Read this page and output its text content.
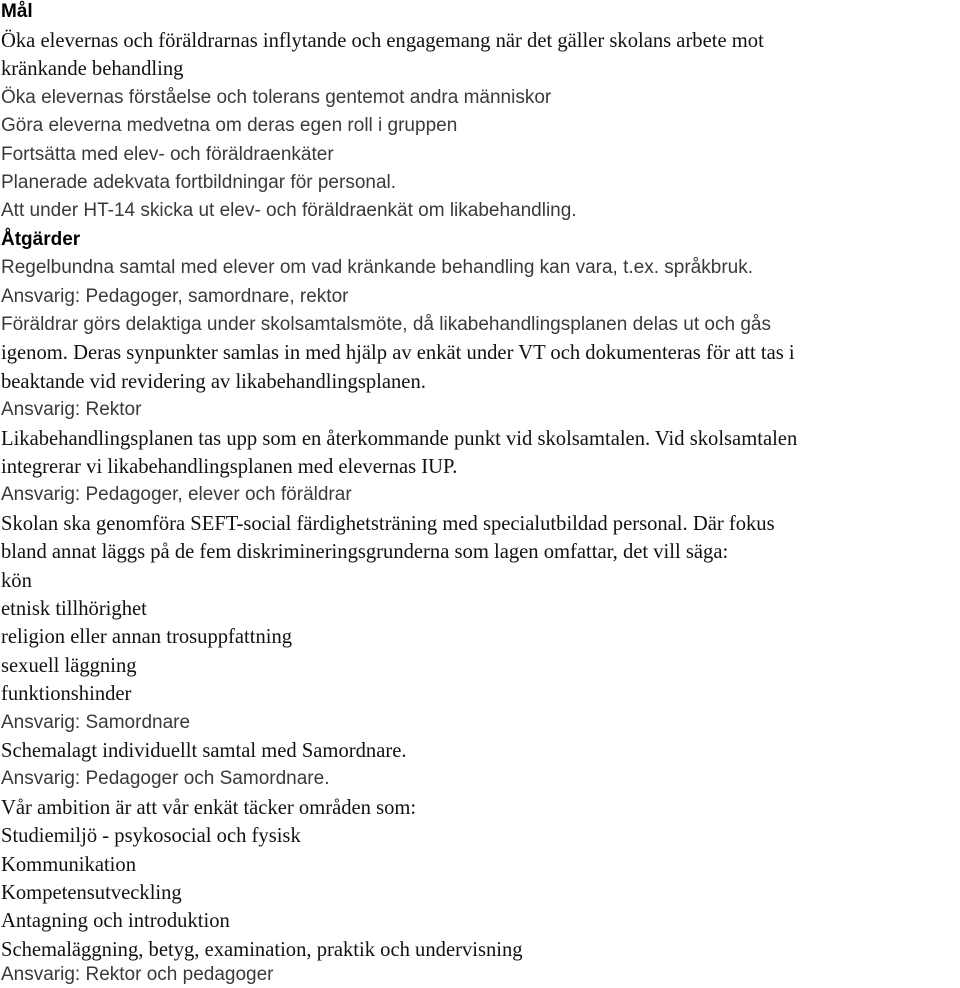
Mål
Öka elevernas och föräldrarnas inflytande och engagemang när det gäller skolans arbete mot
kränkande behandling
Öka elevernas förståelse och tolerans gentemot andra människor
Göra eleverna medvetna om deras egen roll i gruppen
Fortsätta med elev- och föräldraenkäter
Planerade adekvata fortbildningar för personal.
Att under HT-14 skicka ut elev- och föräldraenkät om likabehandling.
Åtgärder
Regelbundna samtal med elever om vad kränkande behandling kan vara, t.ex. språkbruk.
Ansvarig: Pedagoger, samordnare, rektor
Föräldrar görs delaktiga under skolsamtalsmöte, då likabehandlingsplanen delas ut och gås
igenom. Deras synpunkter samlas in med hjälp av enkät under VT och dokumenteras för att tas i
beaktande vid revidering av likabehandlingsplanen.
Ansvarig: Rektor
Likabehandlingsplanen tas upp som en återkommande punkt vid skolsamtalen. Vid skolsamtalen
integrerar vi likabehandlingsplanen med elevernas IUP.
Ansvarig: Pedagoger, elever och föräldrar
Skolan ska genomföra SEFT-social färdighetsträning med specialutbildad personal. Där fokus
bland annat läggs på de fem diskrimineringsgrunderna som lagen omfattar, det vill säga:
kön
etnisk tillhörighet
religion eller annan trosuppfattning
sexuell läggning
funktionshinder
Ansvarig: Samordnare
Schemalagt individuellt samtal med Samordnare.
Ansvarig: Pedagoger och Samordnare.
Vår ambition är att vår enkät täcker områden som:
Studiemiljö - psykosocial och fysisk
Kommunikation
Kompetensutveckling
Antagning och introduktion
Schemaläggning, betyg, examination, praktik och undervisning
Ansvarig: Rektor och pedagoger
